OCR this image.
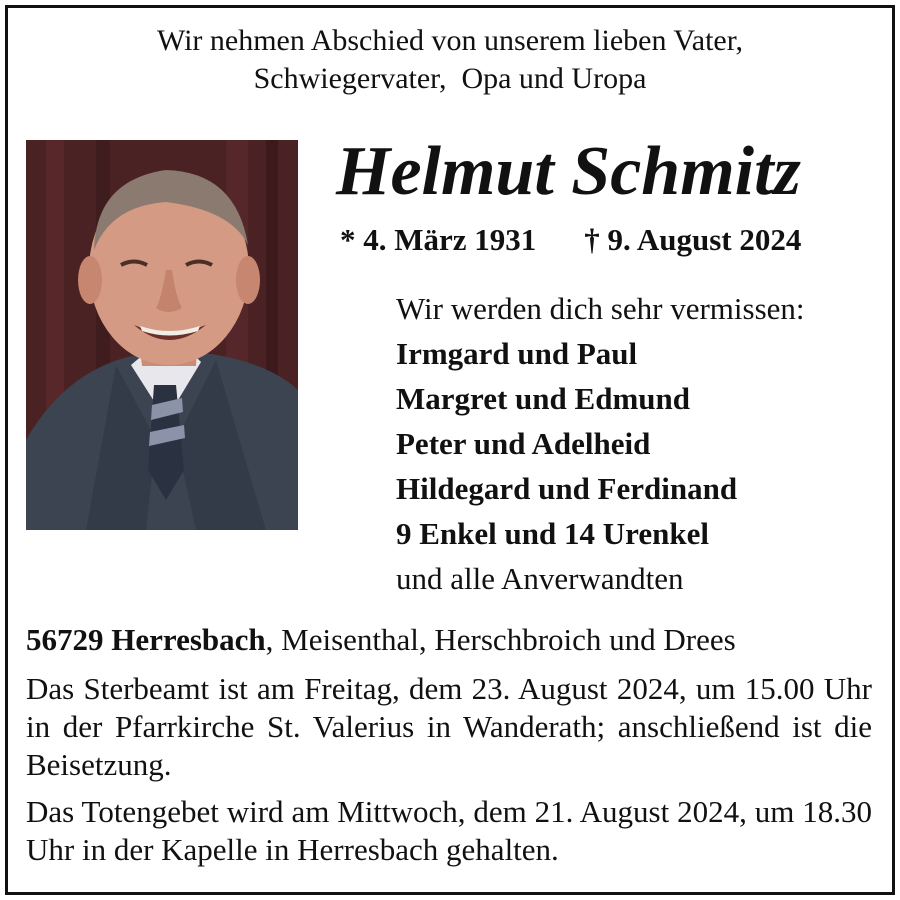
Wir nehmen Abschied von unserem lieben Vater,
Schwiegervater,  Opa und Uropa
Helmut Schmitz
* 4. März 1931 † 9. August 2024
Wir werden dich sehr vermissen:
Irmgard und Paul
Margret und Edmund
Peter und Adelheid
Hildegard und Ferdinand
9 Enkel und 14 Urenkel
und alle Anverwandten
56729 Herresbach, Meisenthal, Herschbroich und Drees
Das Sterbeamt ist am Freitag, dem 23. August 2024, um 15.00 Uhr in der Pfarrkirche St. Valerius in Wanderath; anschließend ist die Beisetzung.
Das Totengebet wird am Mittwoch, dem 21. August 2024, um 18.30 Uhr in der Kapelle in Herresbach gehalten.
